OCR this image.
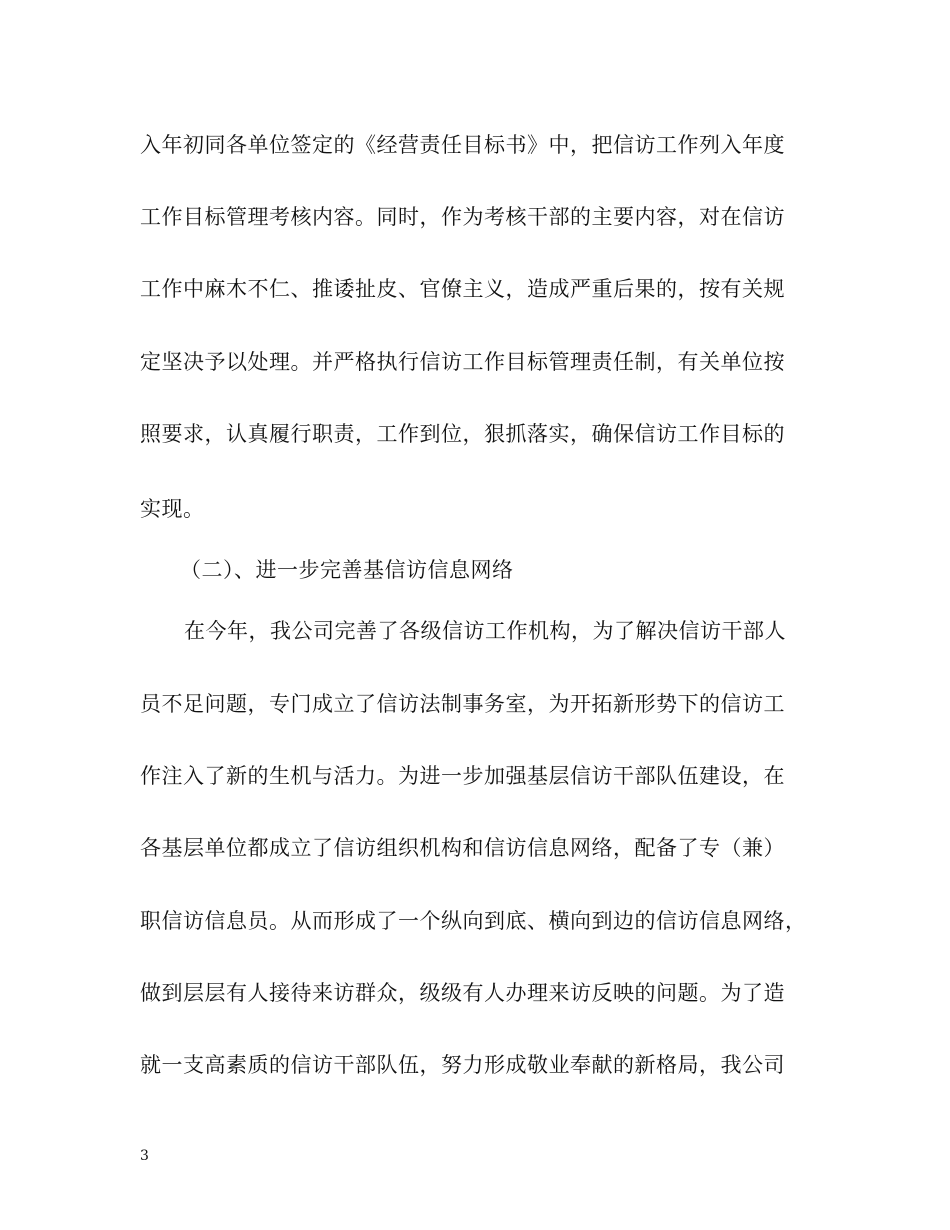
入年初同各单位签定的《经营责任目标书》中，把信访工作列入年度
工作目标管理考核内容。同时，作为考核干部的主要内容，对在信访
工作中麻木不仁、推诿扯皮、官僚主义，造成严重后果的，按有关规
定坚决予以处理。并严格执行信访工作目标管理责任制，有关单位按
照要求，认真履行职责，工作到位，狠抓落实，确保信访工作目标的
实现。
（二）、进一步完善基信访信息网络
在今年，我公司完善了各级信访工作机构，为了解决信访干部人
员不足问题，专门成立了信访法制事务室，为开拓新形势下的信访工
作注入了新的生机与活力。为进一步加强基层信访干部队伍建设，在
各基层单位都成立了信访组织机构和信访信息网络，配备了专（兼）
职信访信息员。从而形成了一个纵向到底、横向到边的信访信息网络，
做到层层有人接待来访群众，级级有人办理来访反映的问题。为了造
就一支高素质的信访干部队伍，努力形成敬业奉献的新格局，我公司
3
